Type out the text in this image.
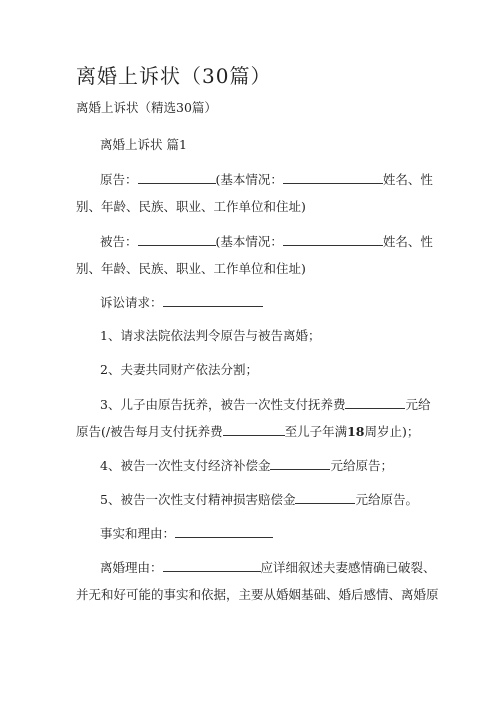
离婚上诉状（30篇）
离婚上诉状（精选30篇）
离婚上诉状 篇1
原告：	(基本情况：	姓名、性
别、年龄、民族、职业、工作单位和住址)
被告：	(基本情况：	姓名、性
别、年龄、民族、职业、工作单位和住址)
诉讼请求：
1、请求法院依法判令原告与被告离婚；
2、夫妻共同财产依法分割；
3、儿子由原告抚养，被告一次性支付抚养费	元给
原告(/被告每月支付抚养费	至儿子年满18周岁止)；
4、被告一次性支付经济补偿金	元给原告；
5、被告一次性支付精神损害赔偿金	元给原告。
事实和理由：
离婚理由：	应详细叙述夫妻感情确已破裂、
并无和好可能的事实和依据，主要从婚姻基础、婚后感情、离婚原
